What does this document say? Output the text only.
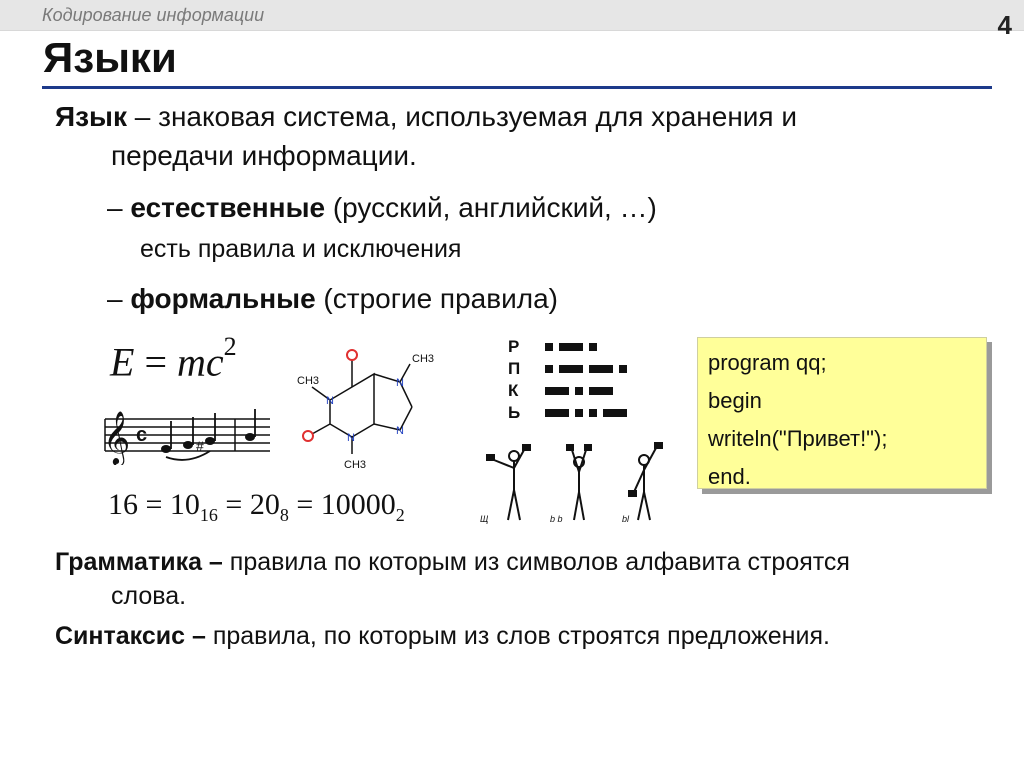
Кодирование информации	4
Языки
Язык – знаковая система, используемая для хранения и
передачи информации.
– естественные (русский, английский, …)
есть правила и исключения
– формальные (строгие правила)
$E = mc^2$
𝄞 c	#
$16 = 10_{16} = 20_8 = 10000_2$
CH3
CH3
CH3
N
N
N
N
Р
П
К
Ь
Щ	b b	bl
program qq;
begin
writeln("Привет!");
end.
Грамматика – правила по которым из символов алфавита строятся
слова.
Синтаксис – правила, по которым из слов строятся предложения.
